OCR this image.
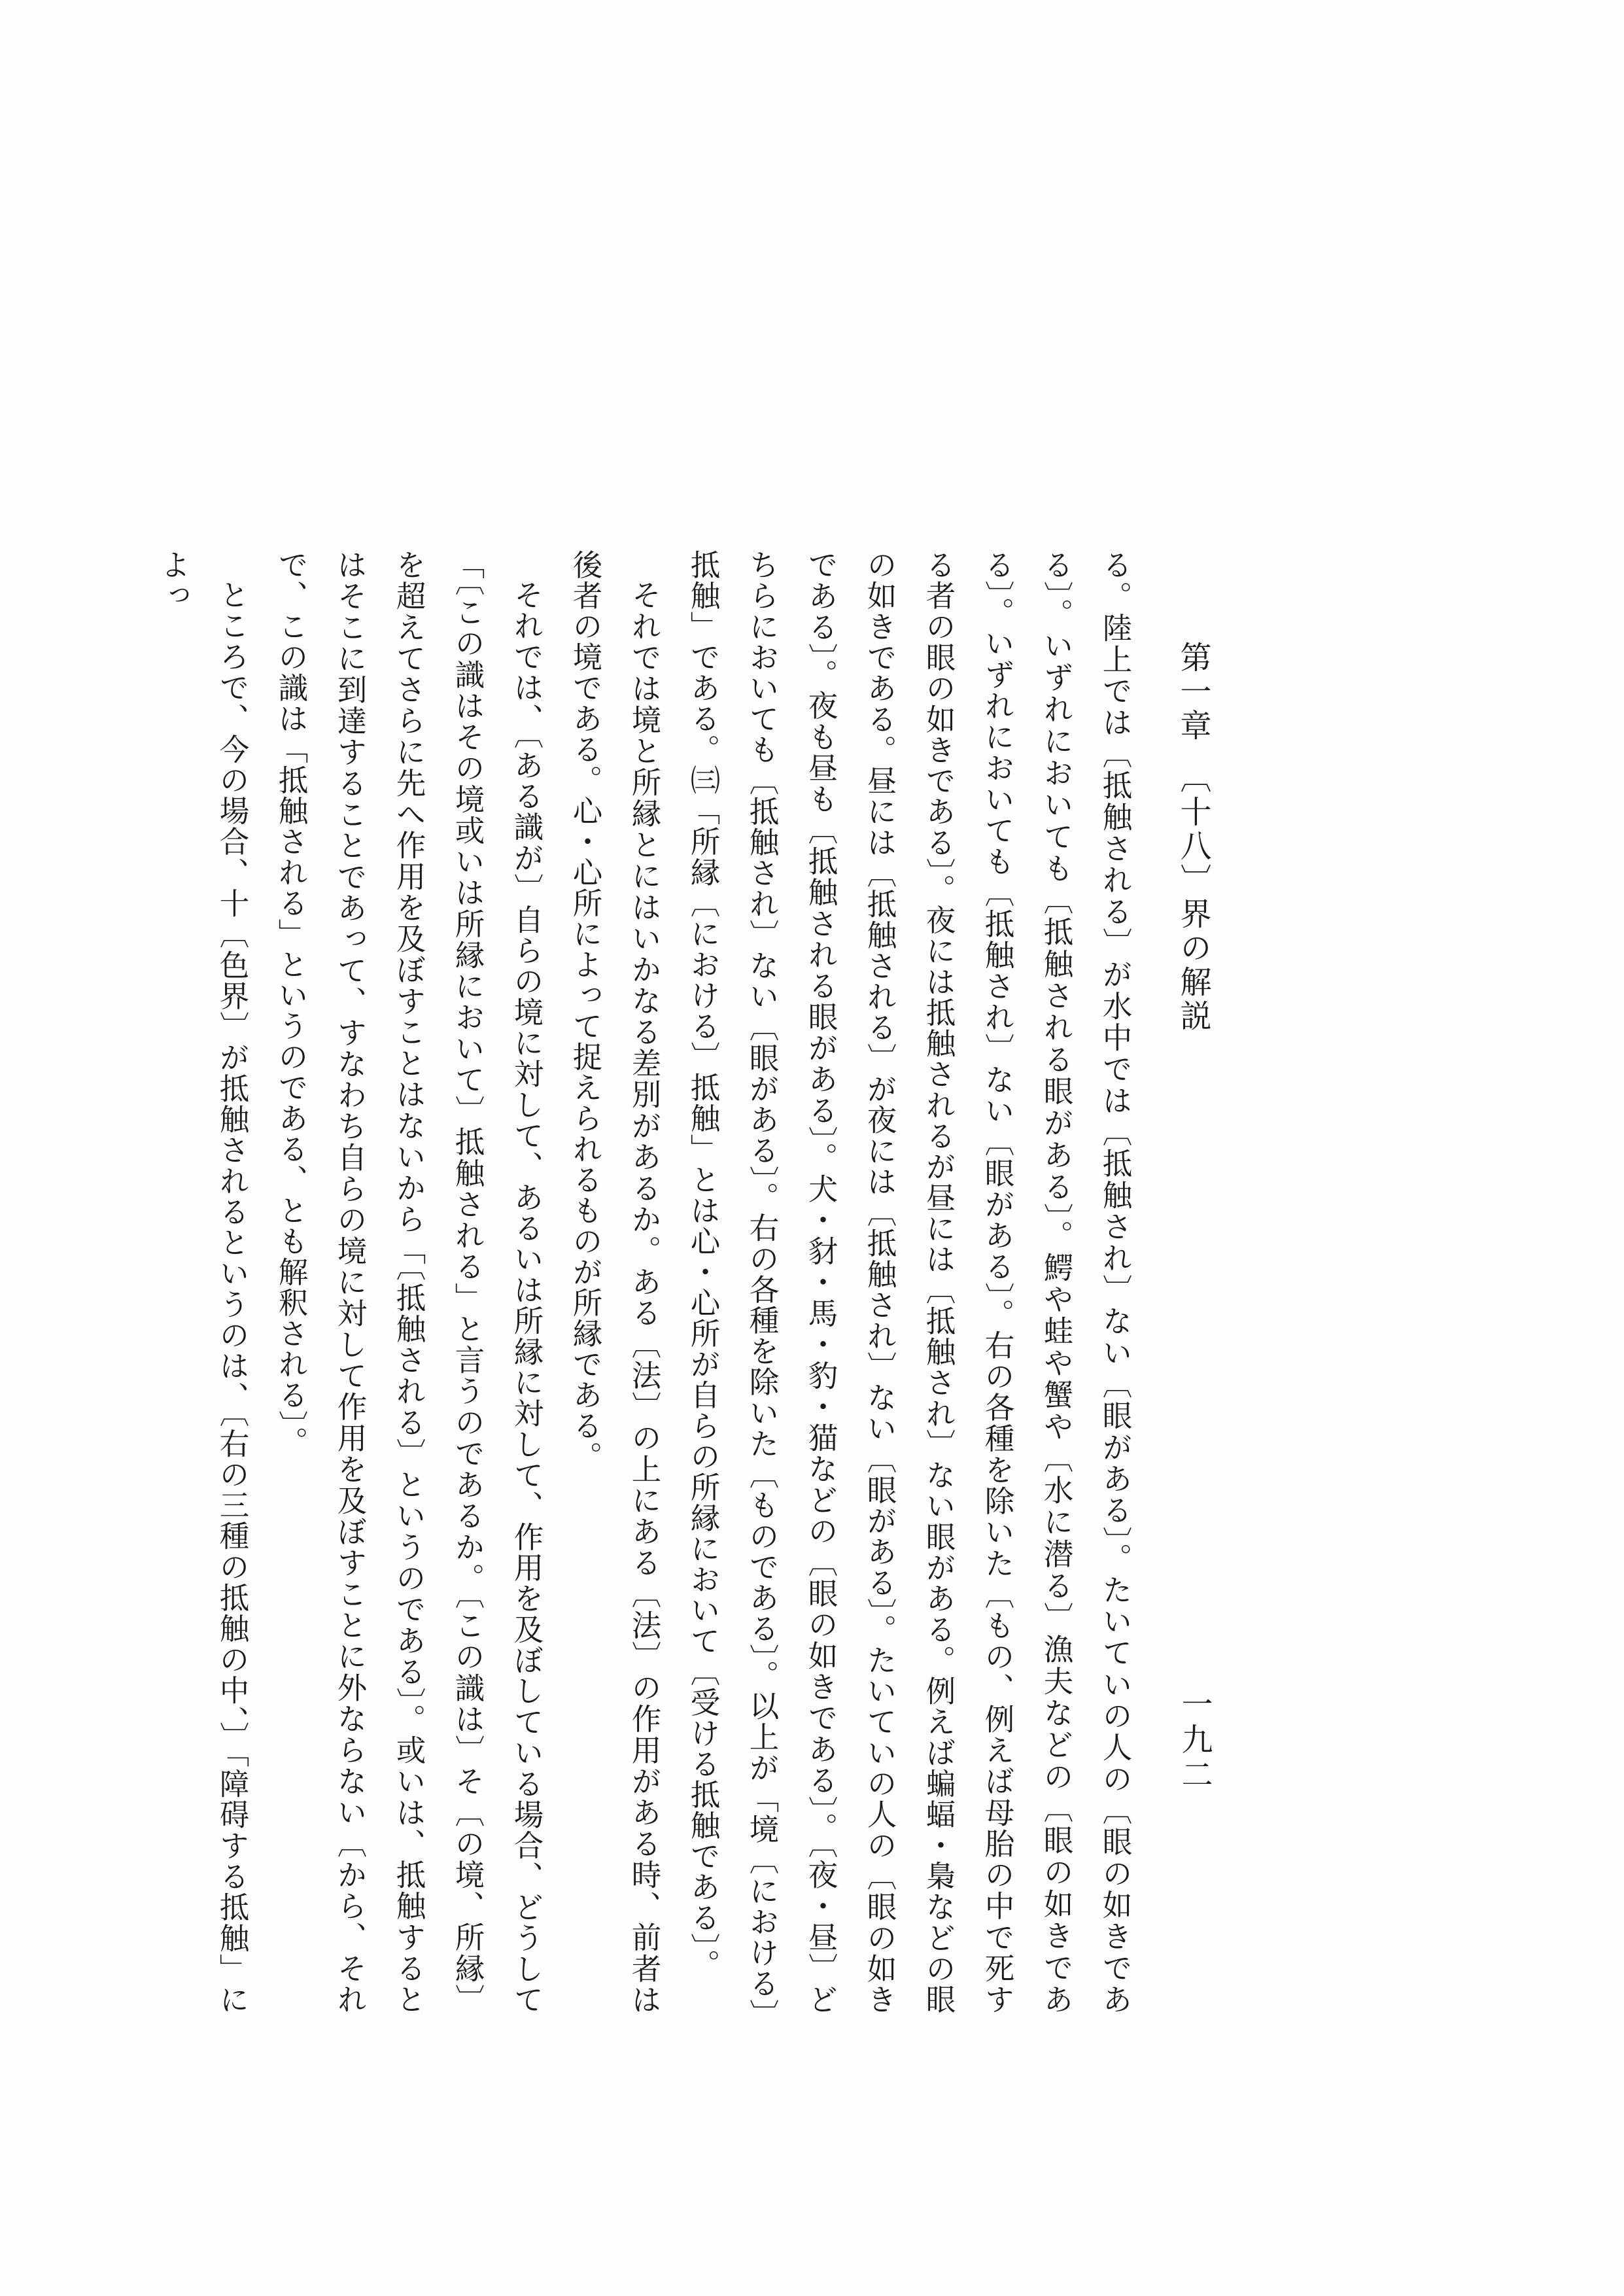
第一章　〔十八〕界の解説
一九二

る。陸上では〔抵触される〕が水中では〔抵触され〕ない〔眼がある〕。たいていの人の〔眼の如きである〕。いずれにおいても〔抵触される眼がある〕。鰐や蛙や蟹や〔水に潜る〕漁夫などの〔眼の如きである〕。いずれにおいても〔抵触され〕ない〔眼がある〕。右の各種を除いた〔もの、例えば母胎の中で死する者の眼の如きである〕。夜には抵触されるが昼には〔抵触され〕ない眼がある。例えば蝙蝠・梟などの眼の如きである。昼には〔抵触される〕が夜には〔抵触され〕ない〔眼がある〕。たいていの人の〔眼の如きである〕。夜も昼も〔抵触される眼がある〕。犬・豺・馬・豹・猫などの〔眼の如きである〕。〔夜・昼〕どちらにおいても〔抵触され〕ない〔眼がある〕。右の各種を除いた〔ものである〕。以上が「境〔における〕抵触」である。㈢「所縁〔における〕抵触」とは心・心所が自らの所縁において〔受ける抵触である〕。

それでは境と所縁とにはいかなる差別があるか。ある〔法〕の上にある〔法〕の作用がある時、前者は後者の境である。心・心所によって捉えられるものが所縁である。

それでは、〔ある識が〕自らの境に対して、あるいは所縁に対して、作用を及ぼしている場合、どうして「〔この識はその境或いは所縁において〕抵触される」と言うのであるか。〔この識は〕そ〔の境、所縁〕を超えてさらに先へ作用を及ぼすことはないから「〔抵触される〕というのである〕。或いは、抵触するとはそこに到達することであって、すなわち自らの境に対して作用を及ぼすことに外ならない〔から、それで、この識は「抵触される」というのである、とも解釈される〕。

ところで、今の場合、十〔色界〕が抵触されるというのは、〔右の三種の抵触の中、〕「障碍する抵触」によっ
